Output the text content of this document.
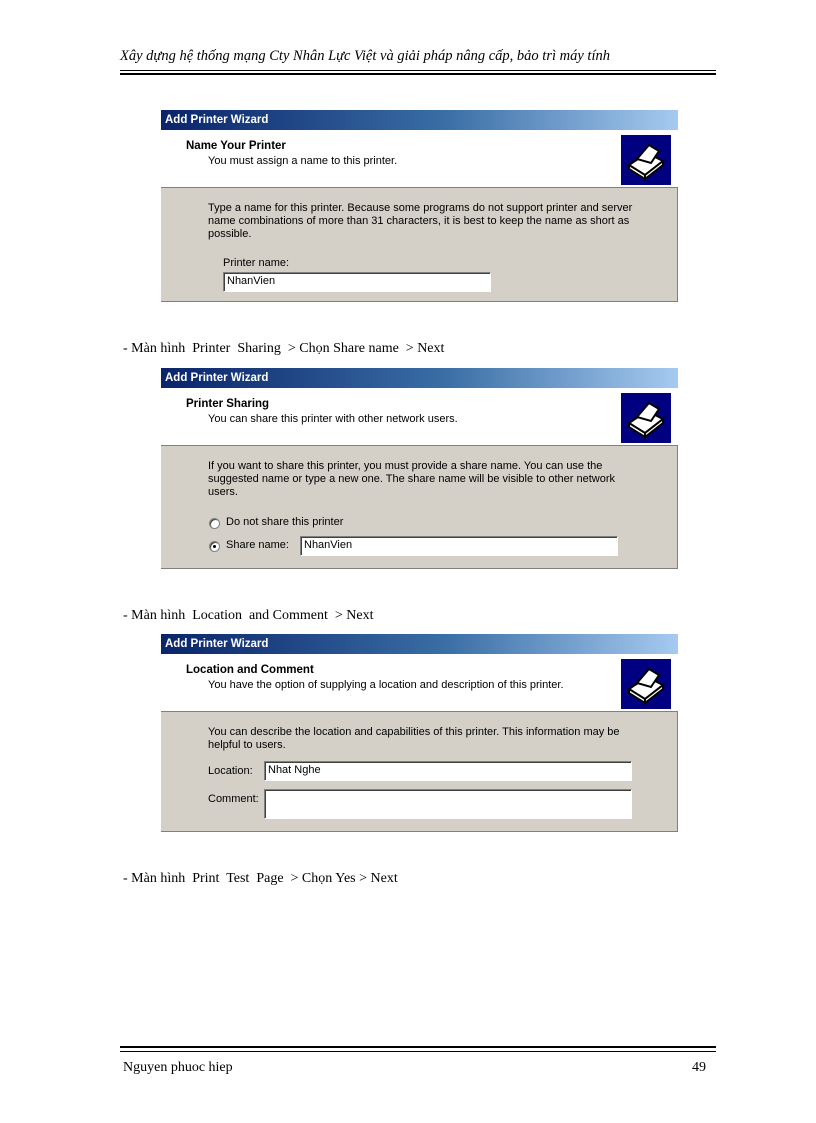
Xây dựng hệ thống mạng Cty Nhân Lực Việt và giải pháp nâng cấp, bảo trì máy tính
Add Printer Wizard
Name Your Printer
You must assign a name to this printer.
Type a name for this printer. Because some programs do not support printer and server name combinations of more than 31 characters, it is best to keep the name as short as possible.
Printer name:
NhanVien
- Màn hình  Printer  Sharing  > Chọn Share name  > Next
Add Printer Wizard
Printer Sharing
You can share this printer with other network users.
If you want to share this printer, you must provide a share name. You can use the suggested name or type a new one. The share name will be visible to other network users.
Do not share this printer
Share name:	NhanVien
- Màn hình  Location  and Comment  > Next
Add Printer Wizard
Location and Comment
You have the option of supplying a location and description of this printer.
You can describe the location and capabilities of this printer. This information may be helpful to users.
Location:	Nhat Nghe
Comment:
- Màn hình  Print  Test  Page  > Chọn Yes > Next
Nguyen phuoc hiep	49
